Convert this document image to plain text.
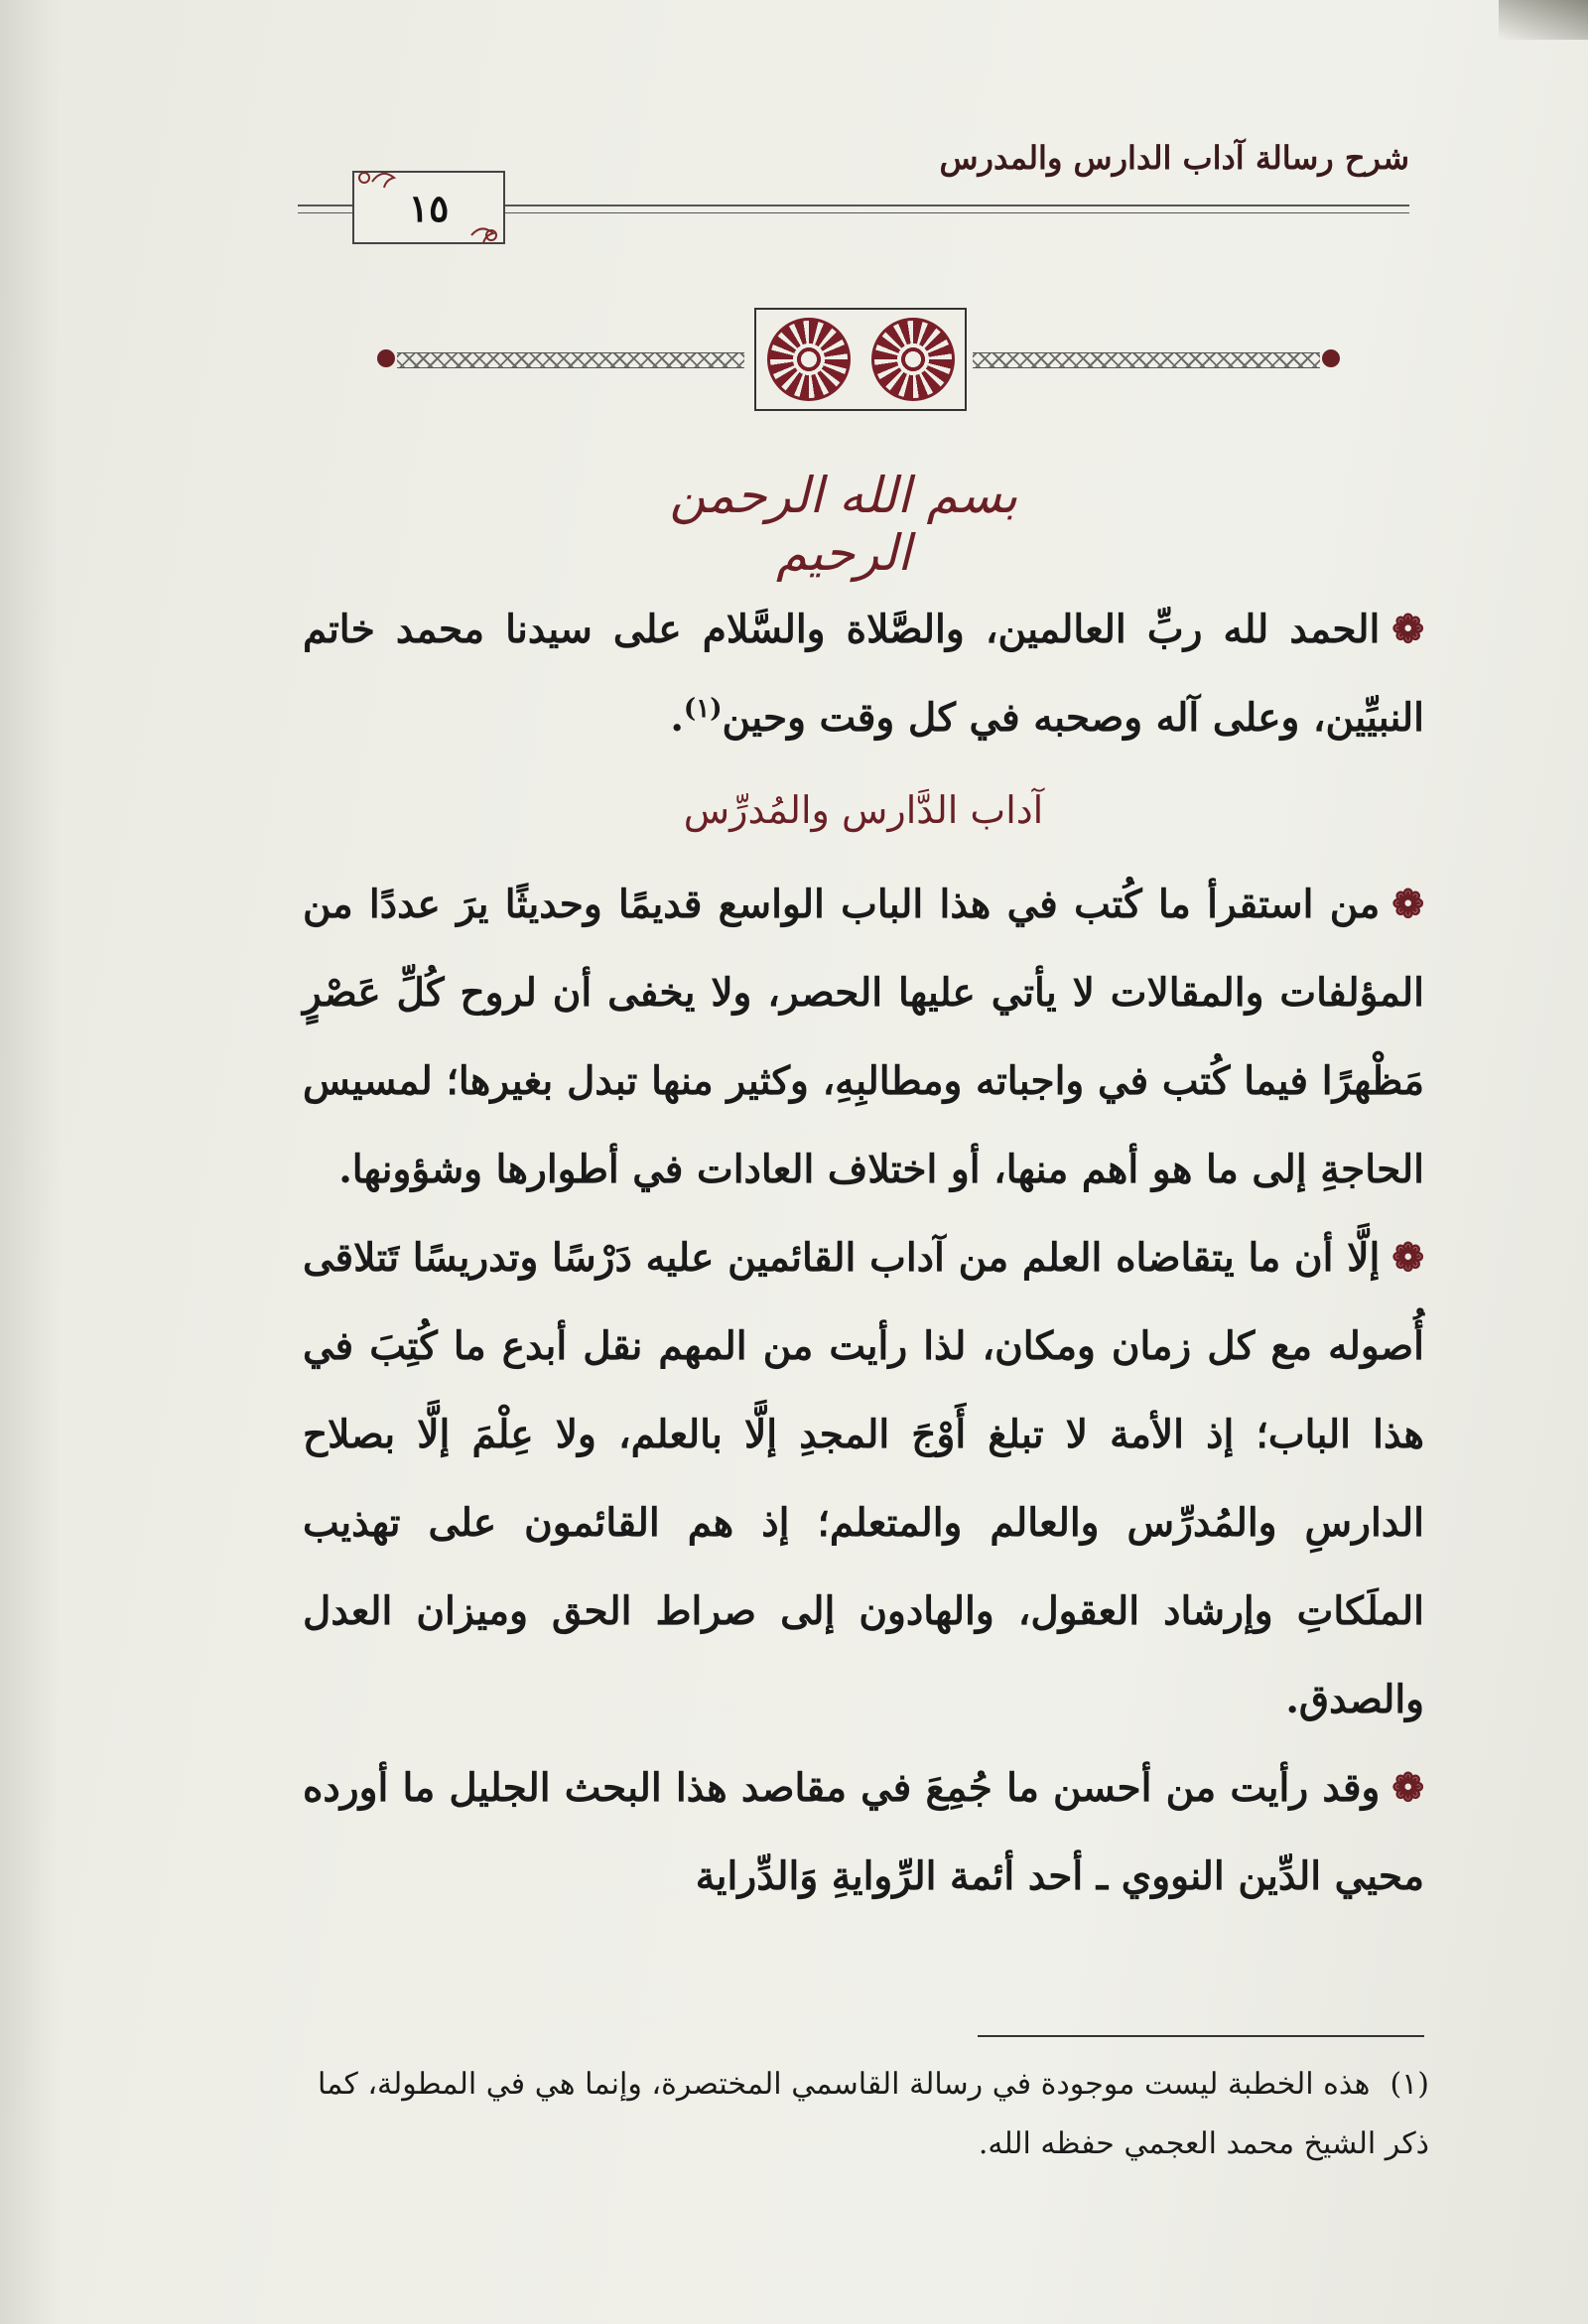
شرح رسالة آداب الدارس والمدرس
١٥
بسم الله الرحمن الرحيم

❁الحمد لله ربِّ العالمين، والصَّلاة والسَّلام على سيدنا محمد خاتم النبيِّين، وعلى آله وصحبه في كل وقت وحين$^{(١)}$.

آداب الدَّارس والمُدرِّس

❁من استقرأ ما كُتب في هذا الباب الواسع قديمًا وحديثًا يرَ عددًا من المؤلفات والمقالات لا يأتي عليها الحصر، ولا يخفى أن لروح كُلِّ عَصْرٍ مَظْهرًا فيما كُتب في واجباته ومطالبِهِ، وكثير منها تبدل بغيرها؛ لمسيس الحاجةِ إلى ما هو أهم منها، أو اختلاف العادات في أطوارها وشؤونها.

❁إلَّا أن ما يتقاضاه العلم من آداب القائمين عليه دَرْسًا وتدريسًا تَتلاقى أُصوله مع كل زمان ومكان، لذا رأيت من المهم نقل أبدع ما كُتِبَ في هذا الباب؛ إذ الأمة لا تبلغ أَوْجَ المجدِ إلَّا بالعلم، ولا عِلْمَ إلَّا بصلاح الدارسِ والمُدرِّس والعالم والمتعلم؛ إذ هم القائمون على تهذيب الملَكاتِ وإرشاد العقول، والهادون إلى صراط الحق وميزان العدل والصدق.

❁وقد رأيت من أحسن ما جُمِعَ في مقاصد هذا البحث الجليل ما أورده محيي الدِّين النووي ـ أحد أئمة الرِّوايةِ وَالدِّراية

(١)هذه الخطبة ليست موجودة في رسالة القاسمي المختصرة، وإنما هي في المطولة، كما ذكر الشيخ محمد العجمي حفظه الله.
